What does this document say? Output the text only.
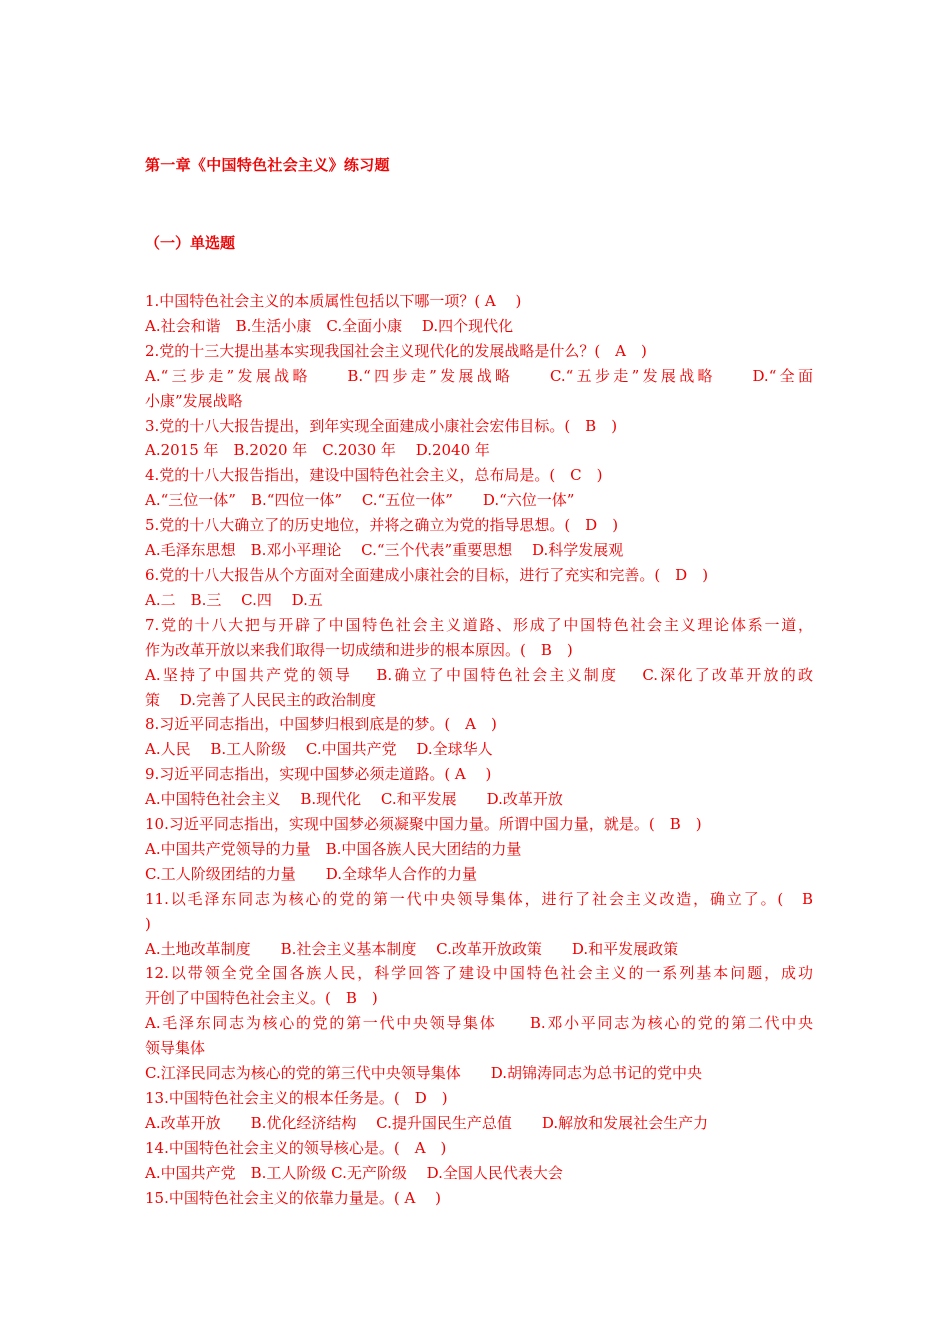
第一章《中国特色社会主义》练习题
（一）单选题
1.中国特色社会主义的本质属性包括以下哪一项？( A　 )
A.社会和谐　B.生活小康　C.全面小康　 D.四个现代化
2.党的十三大提出基本实现我国社会主义现代化的发展战略是什么？(　A　)
A.“三步走”发展战略　　B.“四步走”发展战略　　C.“五步走”发展战略　　D.“全面
小康”发展战略
3.党的十八大报告提出，到年实现全面建成小康社会宏伟目标。(　B　)
A.2015 年　B.2020 年　C.2030 年　 D.2040 年
4.党的十八大报告指出，建设中国特色社会主义，总布局是。(　C　)
A.“三位一体”　B.“四位一体”　 C.“五位一体”　　D.“六位一体”
5.党的十八大确立了的历史地位，并将之确立为党的指导思想。(　D　)
A.毛泽东思想　B.邓小平理论　 C.“三个代表”重要思想　 D.科学发展观
6.党的十八大报告从个方面对全面建成小康社会的目标，进行了充实和完善。(　D　)
A.二　B.三　 C.四　 D.五
7.党的十八大把与开辟了中国特色社会主义道路、形成了中国特色社会主义理论体系一道，
作为改革开放以来我们取得一切成绩和进步的根本原因。(　B　)
A.坚持了中国共产党的领导　 B.确立了中国特色社会主义制度　 C.深化了改革开放的政
策　 D.完善了人民民主的政治制度
8.习近平同志指出，中国梦归根到底是的梦。(　A　)
A.人民　 B.工人阶级　 C.中国共产党　 D.全球华人
9.习近平同志指出，实现中国梦必须走道路。( A　 )
A.中国特色社会主义　 B.现代化　 C.和平发展　　D.改革开放
10.习近平同志指出，实现中国梦必须凝聚中国力量。所谓中国力量，就是。(　B　)
A.中国共产党领导的力量　B.中国各族人民大团结的力量
C.工人阶级团结的力量　　D.全球华人合作的力量
11.以毛泽东同志为核心的党的第一代中央领导集体，进行了社会主义改造，确立了。(　B
)
A.土地改革制度　　B.社会主义基本制度　 C.改革开放政策　　D.和平发展政策
12.以带领全党全国各族人民，科学回答了建设中国特色社会主义的一系列基本问题，成功
开创了中国特色社会主义。(　B　)
A.毛泽东同志为核心的党的第一代中央领导集体　　B.邓小平同志为核心的党的第二代中央
领导集体
C.江泽民同志为核心的党的第三代中央领导集体　　D.胡锦涛同志为总书记的党中央
13.中国特色社会主义的根本任务是。(　D　)
A.改革开放　　B.优化经济结构　 C.提升国民生产总值　　D.解放和发展社会生产力
14.中国特色社会主义的领导核心是。(　A　)
A.中国共产党　B.工人阶级 C.无产阶级　 D.全国人民代表大会
15.中国特色社会主义的依靠力量是。( A　 )
